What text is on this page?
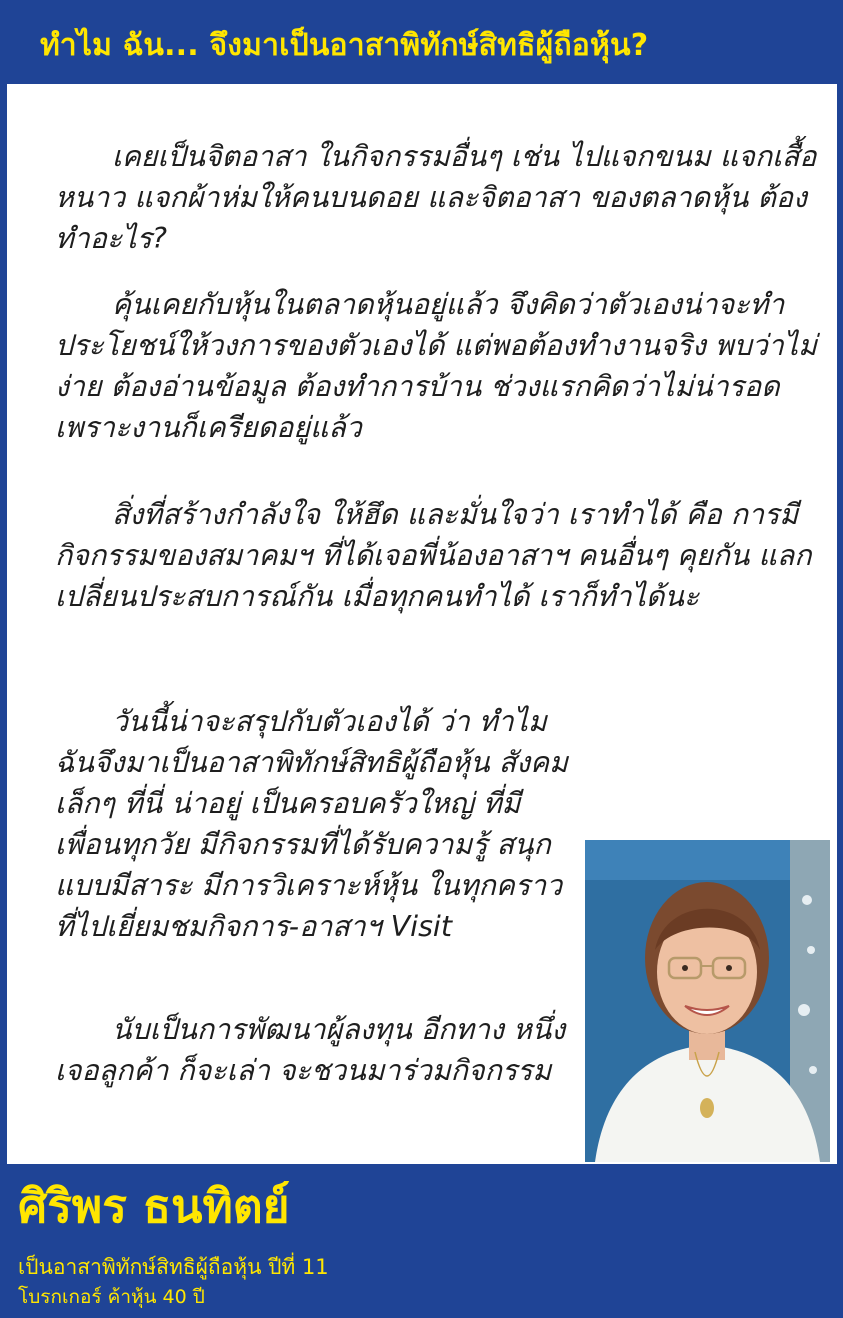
ทำไม ฉัน... จึงมาเป็นอาสาพิทักษ์สิทธิผู้ถือหุ้น?

เคยเป็นจิตอาสา ในกิจกรรมอื่นๆ เช่น ไปแจกขนม แจกเสื้อหนาว แจกผ้าห่มให้คนบนดอย และจิตอาสา ของตลาดหุ้น ต้องทำอะไร?

คุ้นเคยกับหุ้นในตลาดหุ้นอยู่แล้ว จึงคิดว่าตัวเองน่าจะทำประโยชน์ให้วงการของตัวเองได้ แต่พอต้องทำงานจริง พบว่าไม่ง่าย ต้องอ่านข้อมูล ต้องทำการบ้าน ช่วงแรกคิดว่าไม่น่ารอด เพราะงานก็เครียดอยู่แล้ว

สิ่งที่สร้างกำลังใจ ให้ฮึด และมั่นใจว่า เราทำได้ คือ การมีกิจกรรมของสมาคมฯ ที่ได้เจอพี่น้องอาสาฯ คนอื่นๆ คุยกัน แลกเปลี่ยนประสบการณ์กัน เมื่อทุกคนทำได้ เราก็ทำได้นะ

วันนี้น่าจะสรุปกับตัวเองได้ ว่า ทำไมฉันจึงมาเป็นอาสาพิทักษ์สิทธิผู้ถือหุ้น สังคมเล็กๆ ที่นี่ น่าอยู่ เป็นครอบครัวใหญ่ ที่มีเพื่อนทุกวัย มีกิจกรรมที่ได้รับความรู้ สนุกแบบมีสาระ มีการวิเคราะห์หุ้น ในทุกคราวที่ไปเยี่ยมชมกิจการ-อาสาฯ Visit

นับเป็นการพัฒนาผู้ลงทุน อีกทาง หนึ่ง เจอลูกค้า ก็จะเล่า จะชวนมาร่วมกิจกรรม

ศิริพร ธนทิตย์
เป็นอาสาพิทักษ์สิทธิผู้ถือหุ้น ปีที่ 11
โบรกเกอร์ ค้าหุ้น 40 ปี
